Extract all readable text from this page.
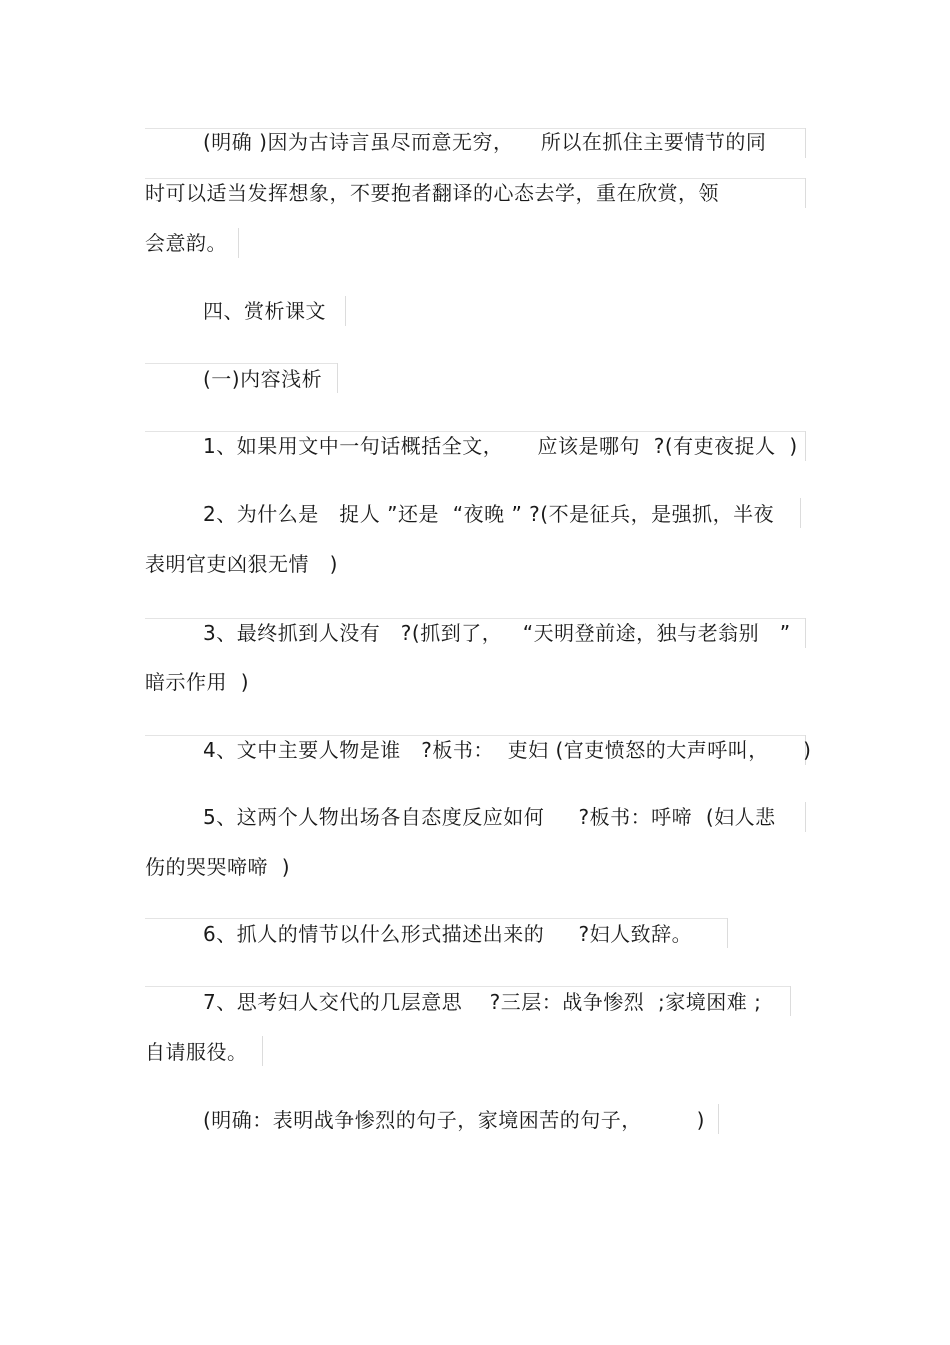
(明确 )因为古诗言虽尽而意无穷，    所以在抓住主要情节的同
时可以适当发挥想象，不要抱者翻译的心态去学，重在欣赏，领
会意韵。
四、赏析课文
(一)内容浅析
1、如果用文中一句话概括全文，     应该是哪句  ?(有吏夜捉人  )
2、为什么是   捉人 ”还是  “夜晚 ” ?(不是征兵，是强抓，半夜
表明官吏凶狠无情   )
3、最终抓到人没有   ?(抓到了，   “天明登前途，独与老翁别   ”
暗示作用  )
4、文中主要人物是谁   ?板书：  吏妇 (官吏愤怒的大声呼叫，     )
5、这两个人物出场各自态度反应如何     ?板书：呼啼  (妇人悲
伤的哭哭啼啼  )
6、抓人的情节以什么形式描述出来的     ?妇人致辞。
7、思考妇人交代的几层意思    ?三层：战争惨烈  ;家境困难 ;
自请服役。
(明确：表明战争惨烈的句子，家境困苦的句子，        )
